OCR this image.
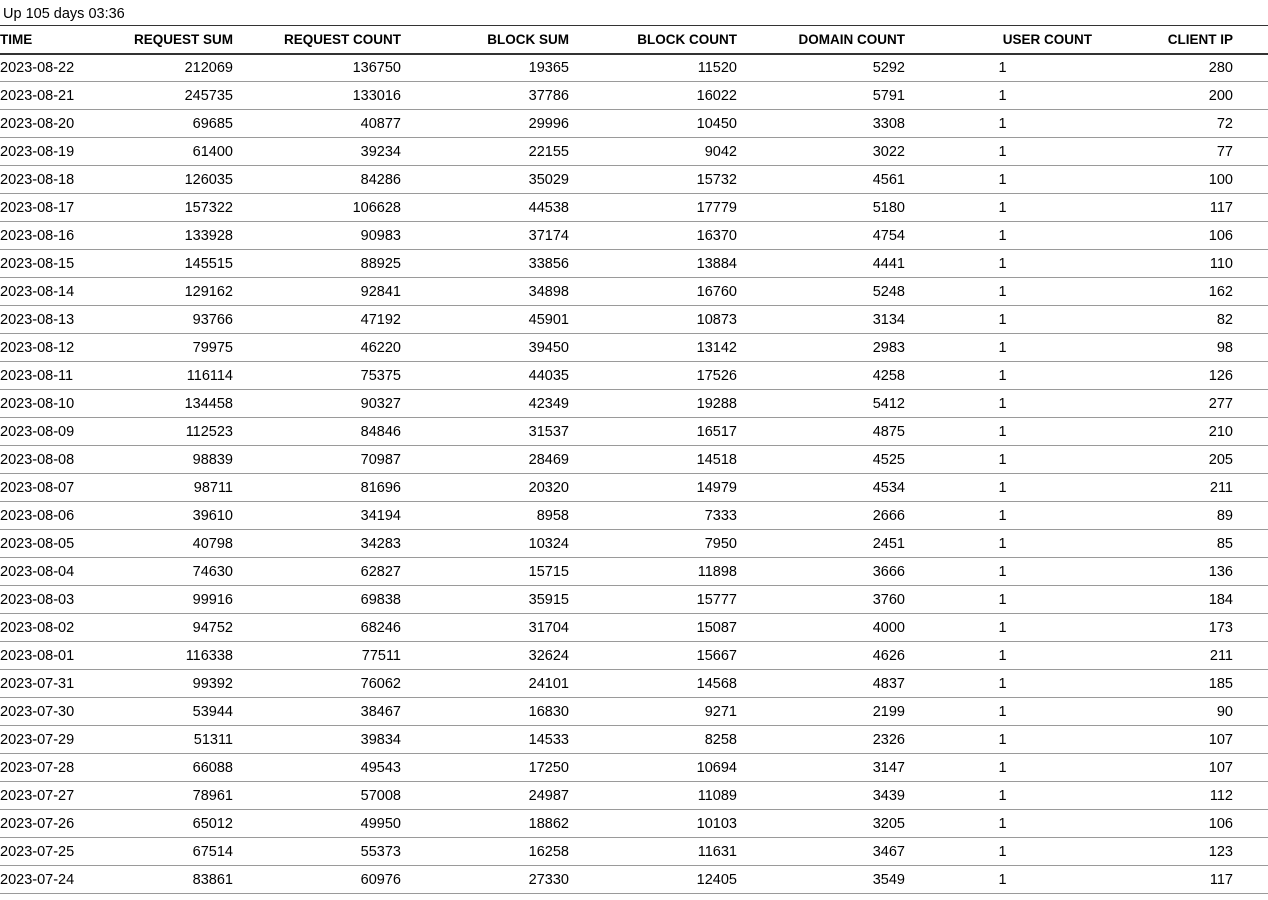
Up 105 days 03:36
TIME	REQUEST SUM	REQUEST COUNT	BLOCK SUM	BLOCK COUNT	DOMAIN COUNT	USER COUNT	CLIENT IP
2023-08-22	212069	136750	19365	11520	5292	1	280
2023-08-21	245735	133016	37786	16022	5791	1	200
2023-08-20	69685	40877	29996	10450	3308	1	72
2023-08-19	61400	39234	22155	9042	3022	1	77
2023-08-18	126035	84286	35029	15732	4561	1	100
2023-08-17	157322	106628	44538	17779	5180	1	117
2023-08-16	133928	90983	37174	16370	4754	1	106
2023-08-15	145515	88925	33856	13884	4441	1	110
2023-08-14	129162	92841	34898	16760	5248	1	162
2023-08-13	93766	47192	45901	10873	3134	1	82
2023-08-12	79975	46220	39450	13142	2983	1	98
2023-08-11	116114	75375	44035	17526	4258	1	126
2023-08-10	134458	90327	42349	19288	5412	1	277
2023-08-09	112523	84846	31537	16517	4875	1	210
2023-08-08	98839	70987	28469	14518	4525	1	205
2023-08-07	98711	81696	20320	14979	4534	1	211
2023-08-06	39610	34194	8958	7333	2666	1	89
2023-08-05	40798	34283	10324	7950	2451	1	85
2023-08-04	74630	62827	15715	11898	3666	1	136
2023-08-03	99916	69838	35915	15777	3760	1	184
2023-08-02	94752	68246	31704	15087	4000	1	173
2023-08-01	116338	77511	32624	15667	4626	1	211
2023-07-31	99392	76062	24101	14568	4837	1	185
2023-07-30	53944	38467	16830	9271	2199	1	90
2023-07-29	51311	39834	14533	8258	2326	1	107
2023-07-28	66088	49543	17250	10694	3147	1	107
2023-07-27	78961	57008	24987	11089	3439	1	112
2023-07-26	65012	49950	18862	10103	3205	1	106
2023-07-25	67514	55373	16258	11631	3467	1	123
2023-07-24	83861	60976	27330	12405	3549	1	117
